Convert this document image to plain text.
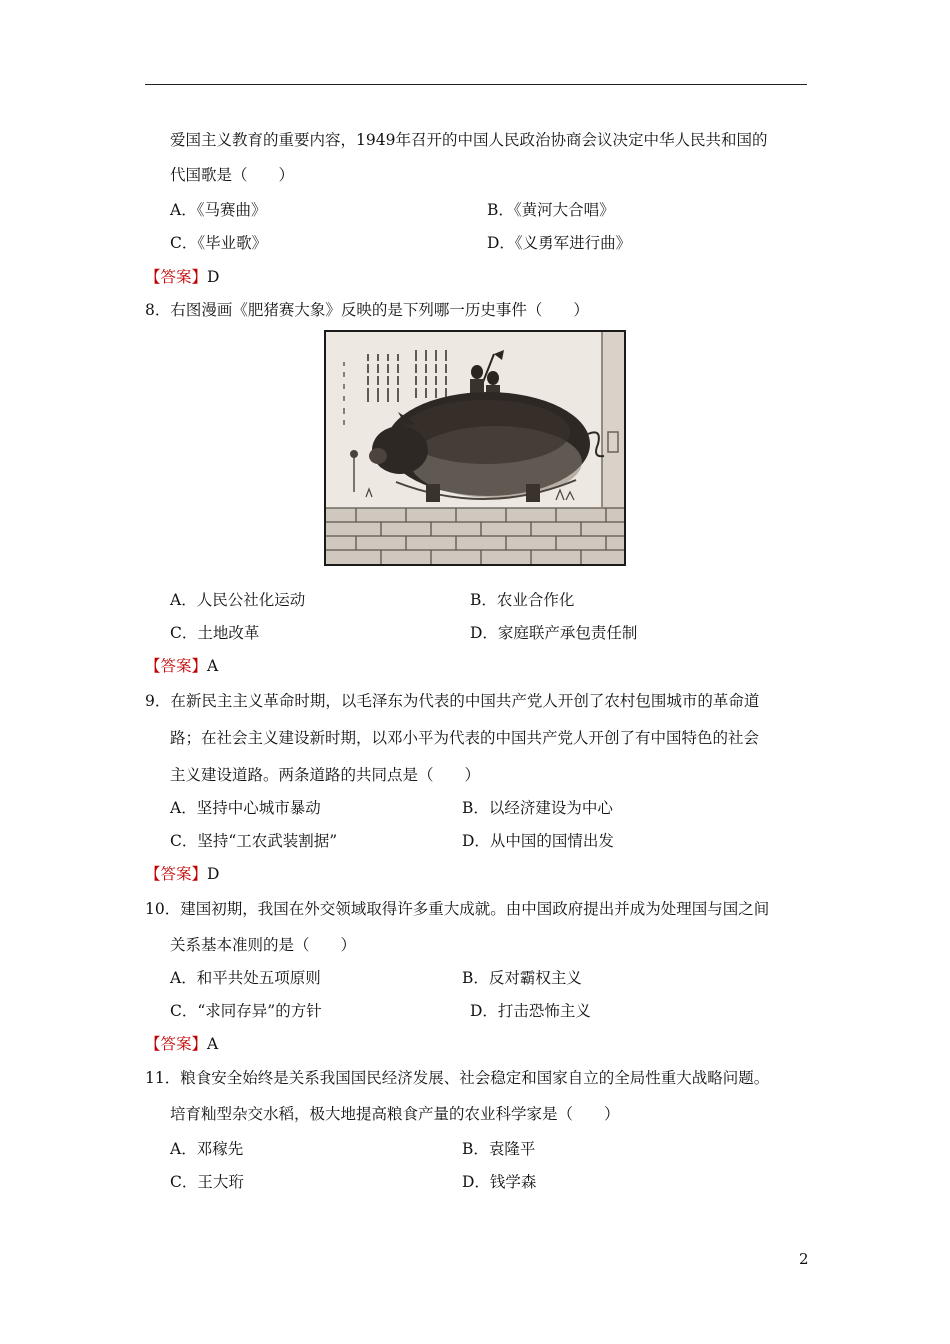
爱国主义教育的重要内容，1949年召开的中国人民政治协商会议决定中华人民共和国的
代国歌是（　　）
A．《马赛曲》	B．《黄河大合唱》
C．《毕业歌》	D．《义勇军进行曲》
【答案】D
8．右图漫画《肥猪赛大象》反映的是下列哪一历史事件（　　）
A．人民公社化运动	B．农业合作化
C．土地改革	D．家庭联产承包责任制
【答案】A
9．在新民主主义革命时期，以毛泽东为代表的中国共产党人开创了农村包围城市的革命道
路；在社会主义建设新时期，以邓小平为代表的中国共产党人开创了有中国特色的社会
主义建设道路。两条道路的共同点是（　　）
A．坚持中心城市暴动	B．以经济建设为中心
C．坚持“工农武装割据”	D．从中国的国情出发
【答案】D
10．建国初期，我国在外交领域取得许多重大成就。由中国政府提出并成为处理国与国之间
关系基本准则的是（　　）
A．和平共处五项原则	B．反对霸权主义
C．“求同存异”的方针	D．打击恐怖主义
【答案】A
11．粮食安全始终是关系我国国民经济发展、社会稳定和国家自立的全局性重大战略问题。
培育籼型杂交水稻，极大地提高粮食产量的农业科学家是（　　）
A．邓稼先	B．袁隆平
C．王大珩	D．钱学森
2
